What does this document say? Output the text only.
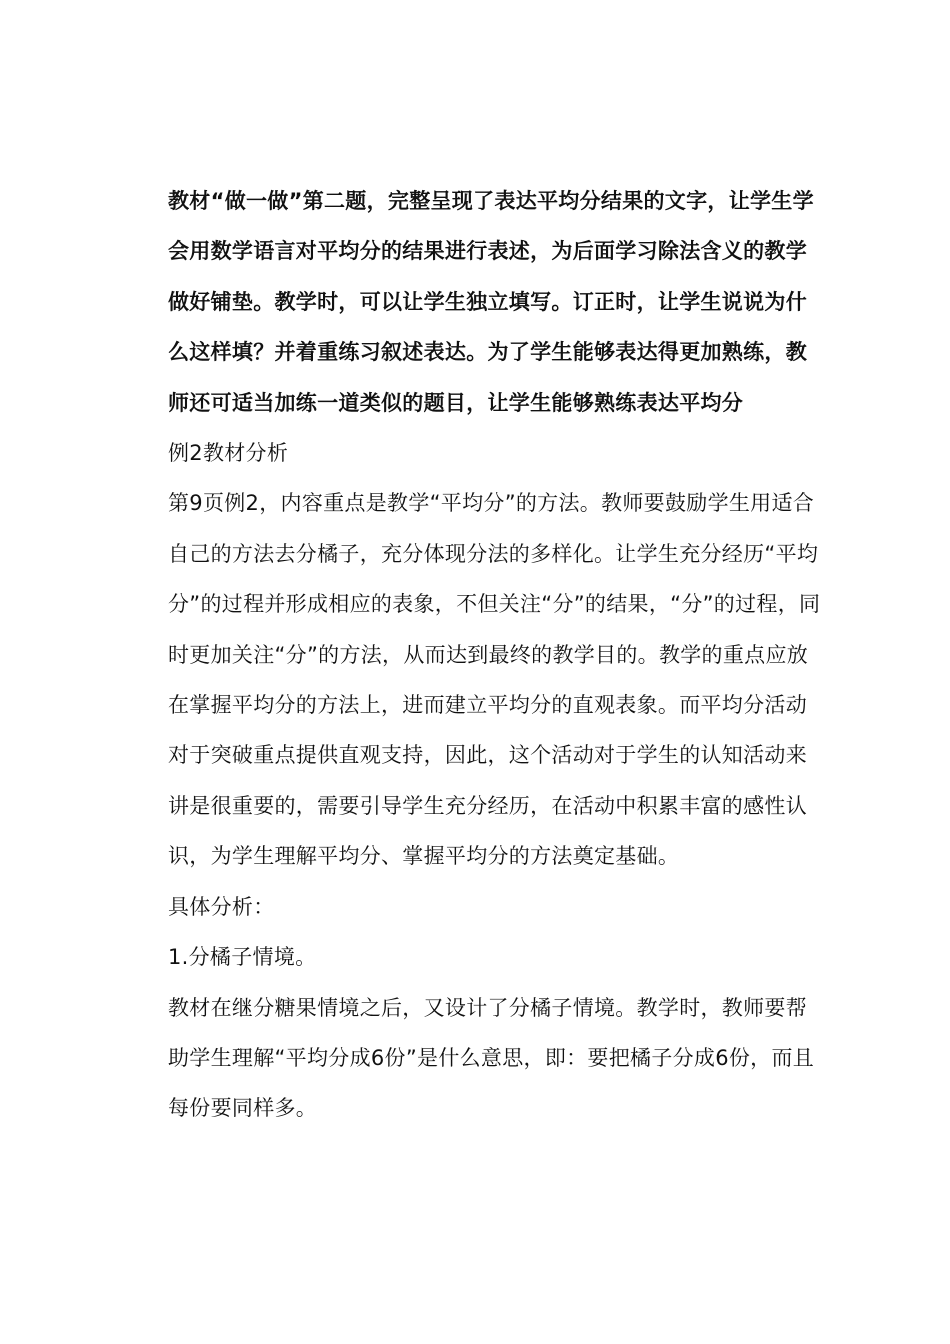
教材“做一做”第二题，完整呈现了表达平均分结果的文字，让学生学会用数学语言对平均分的结果进行表述，为后面学习除法含义的教学做好铺垫。教学时，可以让学生独立填写。订正时，让学生说说为什么这样填？并着重练习叙述表达。为了学生能够表达得更加熟练，教师还可适当加练一道类似的题目，让学生能够熟练表达平均分

例2教材分析

第9页例2，内容重点是教学“平均分”的方法。教师要鼓励学生用适合自己的方法去分橘子，充分体现分法的多样化。让学生充分经历“平均分”的过程并形成相应的表象，不但关注“分”的结果，“分”的过程，同时更加关注“分”的方法，从而达到最终的教学目的。教学的重点应放在掌握平均分的方法上，进而建立平均分的直观表象。而平均分活动对于突破重点提供直观支持，因此，这个活动对于学生的认知活动来讲是很重要的，需要引导学生充分经历，在活动中积累丰富的感性认识，为学生理解平均分、掌握平均分的方法奠定基础。

具体分析：

1.分橘子情境。

教材在继分糖果情境之后，又设计了分橘子情境。教学时，教师要帮助学生理解“平均分成6份”是什么意思，即：要把橘子分成6份，而且每份要同样多。
